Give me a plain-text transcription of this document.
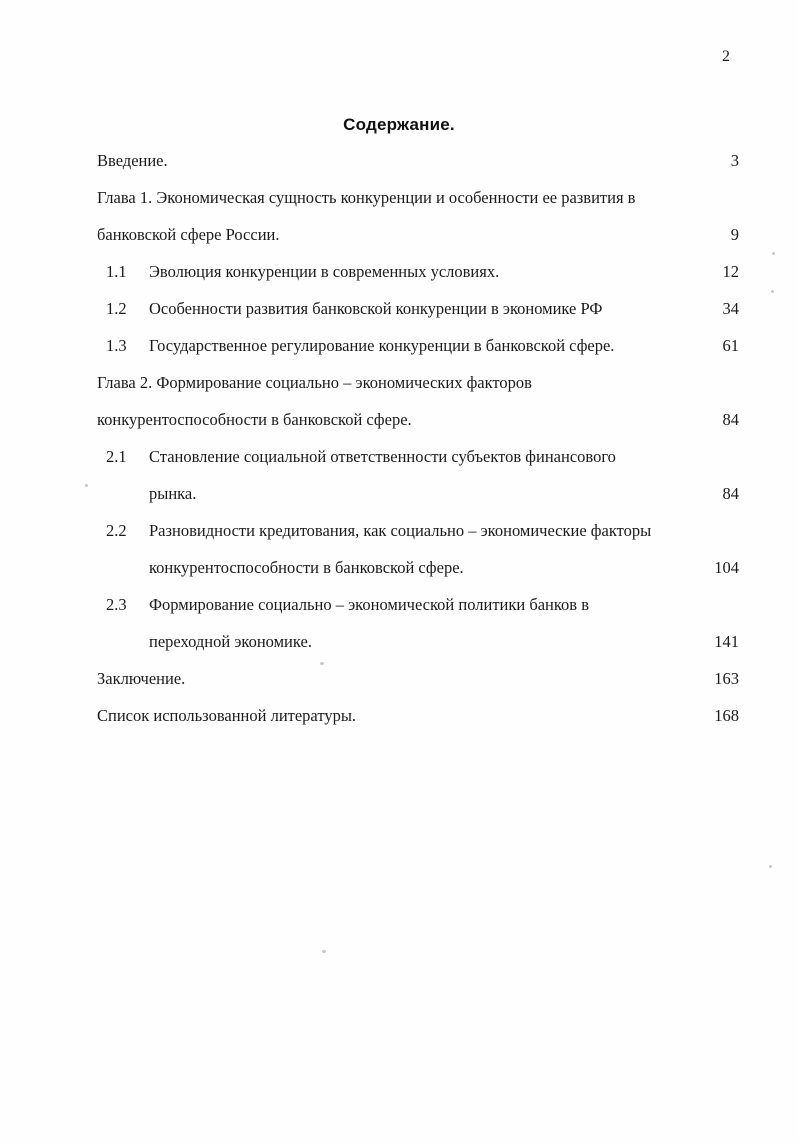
2
Содержание.
Введение.	3
Глава 1. Экономическая сущность конкуренции и особенности ее развития в
банковской сфере России.	9
1.1	Эволюция конкуренции в современных условиях.	12
1.2	Особенности развития банковской конкуренции в экономике РФ	34
1.3	Государственное регулирование конкуренции в банковской сфере.	61
Глава 2. Формирование социально – экономических факторов
конкурентоспособности в банковской сфере.	84
2.1	Становление социальной ответственности субъектов финансового
рынка.	84
2.2	Разновидности кредитования, как социально – экономические факторы
конкурентоспособности в банковской сфере.	104
2.3	Формирование социально – экономической политики банков в
переходной экономике.	141
Заключение.	163
Список использованной литературы.	168
